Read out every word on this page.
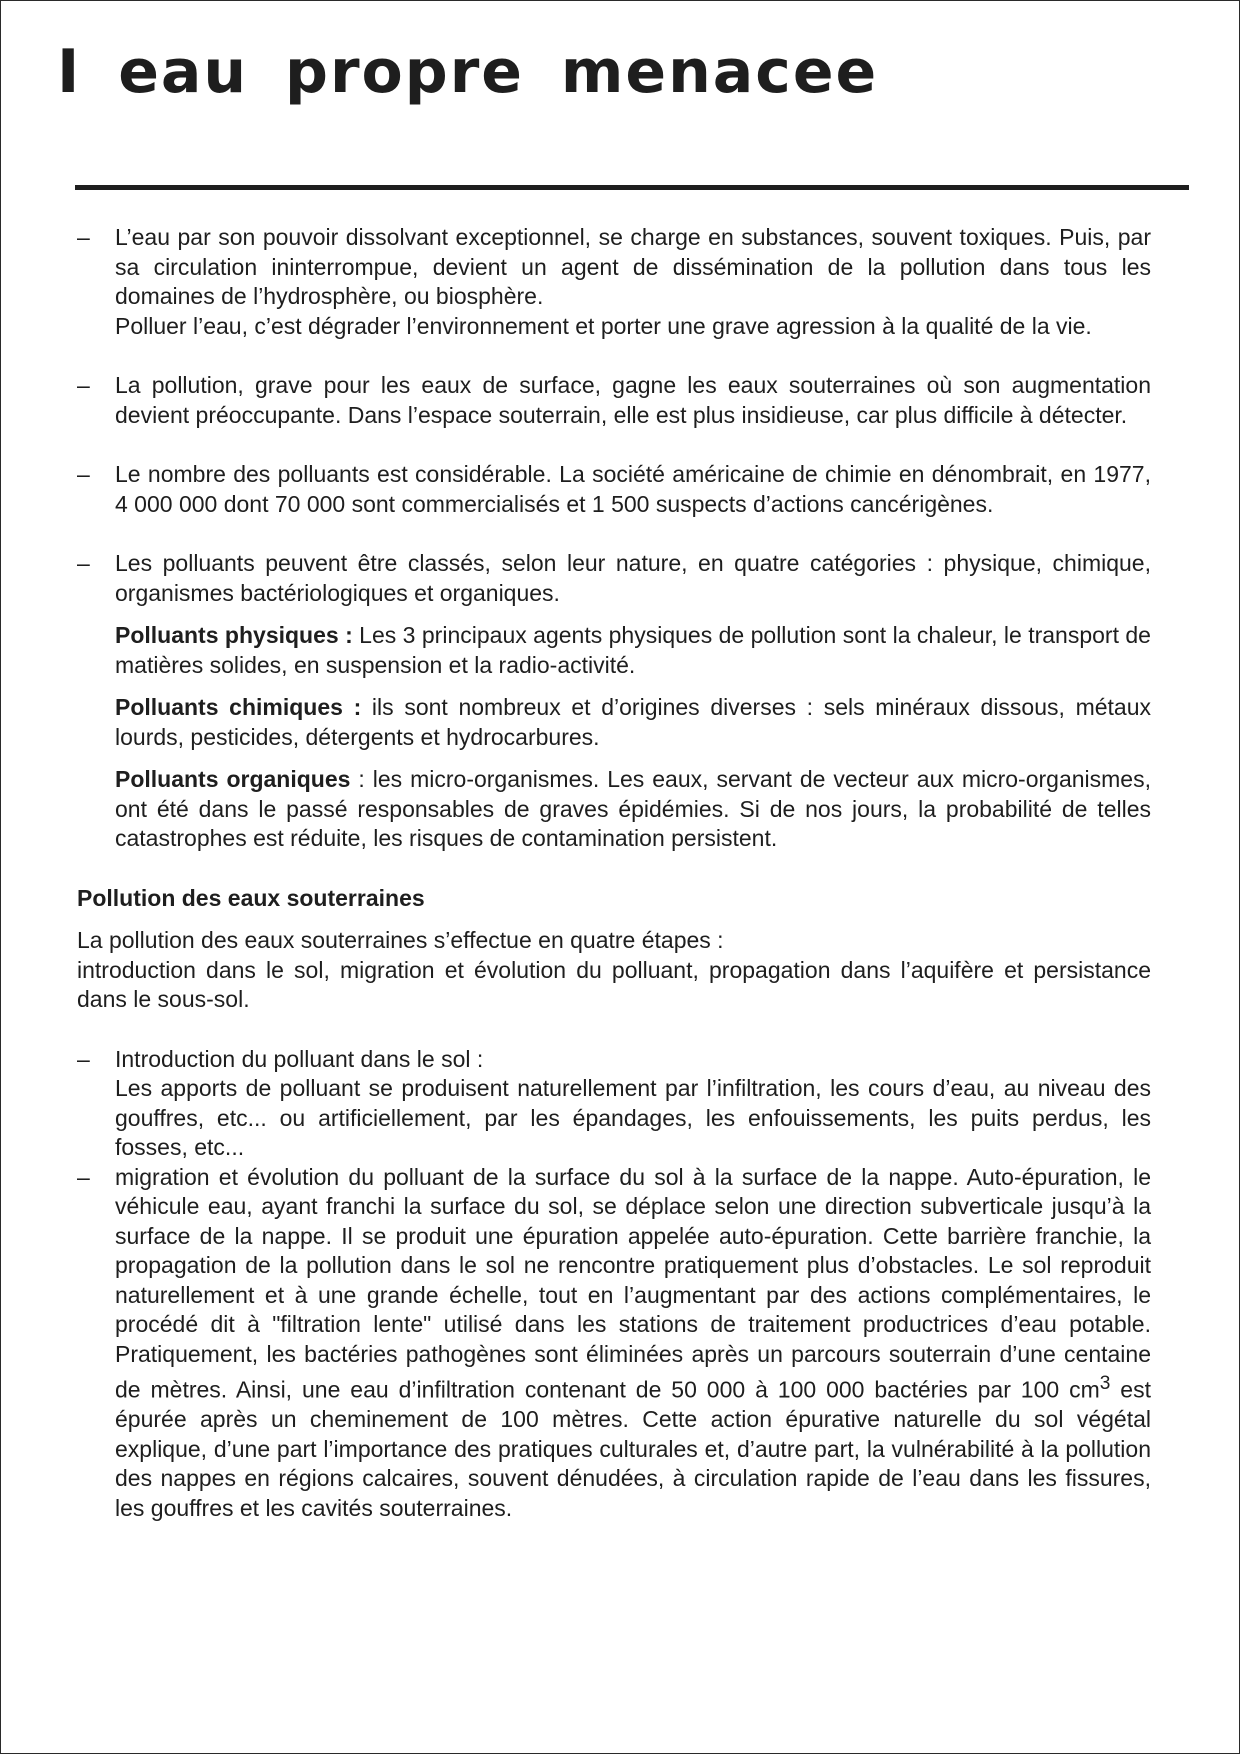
I eau propre menacee
– L’eau par son pouvoir dissolvant exceptionnel, se charge en substances, souvent toxiques. Puis, par sa circulation ininterrompue, devient un agent de dissémination de la pollution dans tous les domaines de l’hydrosphère, ou biosphère.

Polluer l’eau, c’est dégrader l’environnement et porter une grave agression à la qualité de la vie.

– La pollution, grave pour les eaux de surface, gagne les eaux souterraines où son augmentation devient préoccupante. Dans l’espace souterrain, elle est plus insidieuse, car plus difficile à détecter.

– Le nombre des polluants est considérable. La société américaine de chimie en dénombrait, en 1977, 4 000 000 dont 70 000 sont commercialisés et 1 500 suspects d’actions cancérigènes.

– Les polluants peuvent être classés, selon leur nature, en quatre catégories : physique, chimique, organismes bactériologiques et organiques.

Polluants physiques : Les 3 principaux agents physiques de pollution sont la chaleur, le transport de matières solides, en suspension et la radio-activité.

Polluants chimiques : ils sont nombreux et d’origines diverses : sels minéraux dissous, métaux lourds, pesticides, détergents et hydrocarbures.

Polluants organiques : les micro-organismes. Les eaux, servant de vecteur aux micro-organismes, ont été dans le passé responsables de graves épidémies. Si de nos jours, la probabilité de telles catastrophes est réduite, les risques de contamination persistent.

Pollution des eaux souterraines

La pollution des eaux souterraines s’effectue en quatre étapes :

introduction dans le sol, migration et évolution du polluant, propagation dans l’aquifère et persistance dans le sous-sol.

– Introduction du polluant dans le sol :

Les apports de polluant se produisent naturellement par l’infiltration, les cours d’eau, au niveau des gouffres, etc... ou artificiellement, par les épandages, les enfouissements, les puits perdus, les fosses, etc...

– migration et évolution du polluant de la surface du sol à la surface de la nappe. Auto-épuration, le véhicule eau, ayant franchi la surface du sol, se déplace selon une direction subverticale jusqu’à la surface de la nappe. Il se produit une épuration appelée auto-épuration. Cette barrière franchie, la propagation de la pollution dans le sol ne rencontre pratiquement plus d’obstacles. Le sol reproduit naturellement et à une grande échelle, tout en l’augmentant par des actions complémentaires, le procédé dit à "filtration lente" utilisé dans les stations de traitement productrices d’eau potable. Pratiquement, les bactéries pathogènes sont éliminées après un parcours souterrain d’une centaine de mètres. Ainsi, une eau d’infiltration contenant de 50 000 à 100 000 bactéries par 100 $cm^3$ est épurée après un cheminement de 100 mètres. Cette action épurative naturelle du sol végétal explique, d’une part l’importance des pratiques culturales et, d’autre part, la vulnérabilité à la pollution des nappes en régions calcaires, souvent dénudées, à circulation rapide de l’eau dans les fissures, les gouffres et les cavités souterraines.
